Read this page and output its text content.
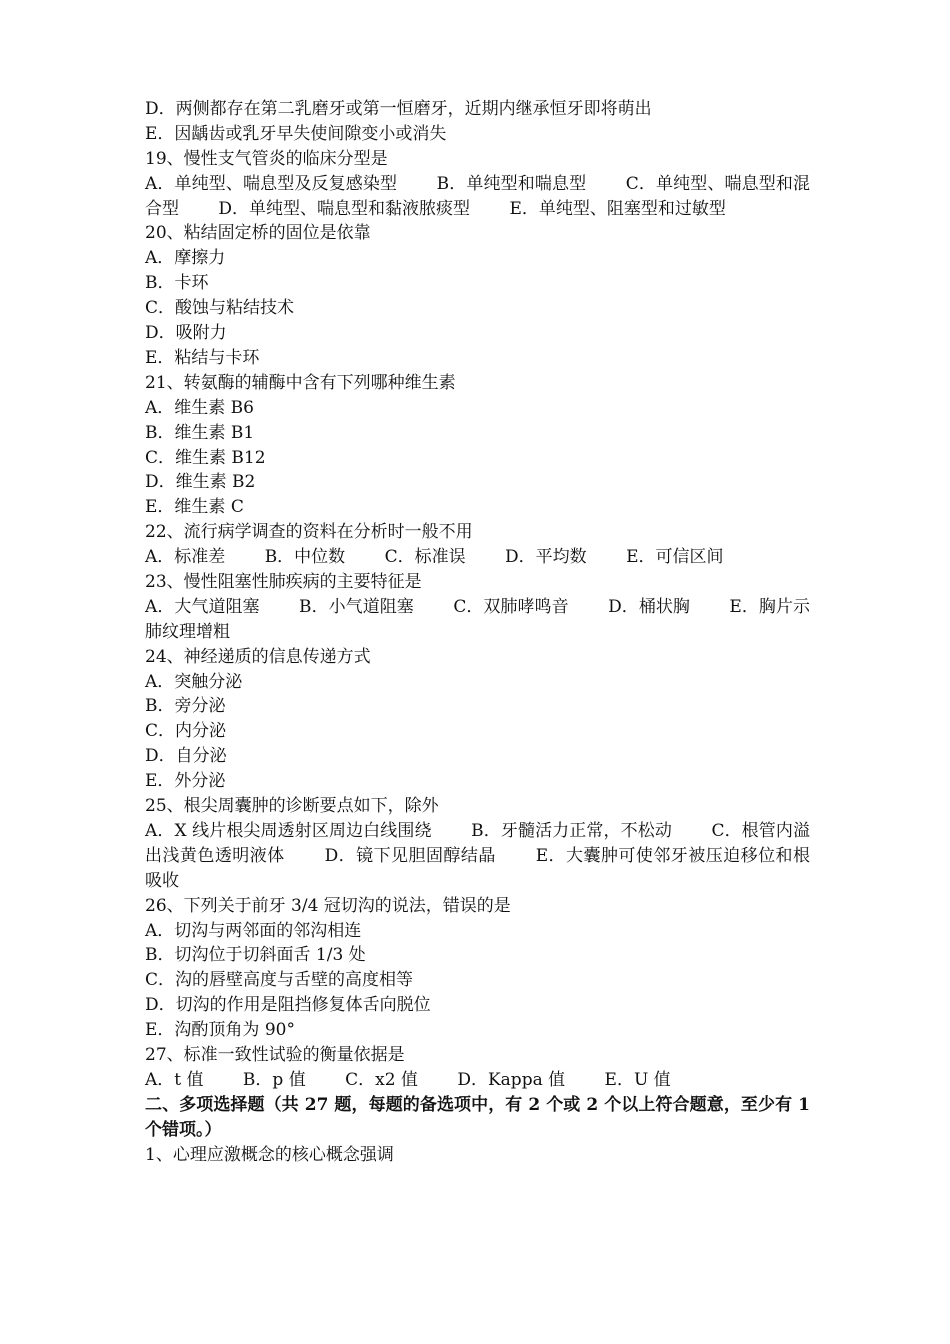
D．两侧都存在第二乳磨牙或第一恒磨牙，近期内继承恒牙即将萌出
E．因龋齿或乳牙早失使间隙变小或消失
19、慢性支气管炎的临床分型是
A．单纯型、喘息型及反复感染型 B．单纯型和喘息型 C．单纯型、喘息型和混合型 D．单纯型、喘息型和黏液脓痰型 E．单纯型、阻塞型和过敏型
20、粘结固定桥的固位是依靠
A．摩擦力
B．卡环
C．酸蚀与粘结技术
D．吸附力
E．粘结与卡环
21、转氨酶的辅酶中含有下列哪种维生素
A．维生素 B6
B．维生素 B1
C．维生素 B12
D．维生素 B2
E．维生素 C
22、流行病学调查的资料在分析时一般不用
A．标准差 B．中位数 C．标准误 D．平均数 E．可信区间
23、慢性阻塞性肺疾病的主要特征是
A．大气道阻塞 B．小气道阻塞 C．双肺哮鸣音 D．桶状胸 E．胸片示肺纹理增粗
24、神经递质的信息传递方式
A．突触分泌
B．旁分泌
C．内分泌
D．自分泌
E．外分泌
25、根尖周囊肿的诊断要点如下，除外
A．X 线片根尖周透射区周边白线围绕 B．牙髓活力正常，不松动 C．根管内溢出浅黄色透明液体 D．镜下见胆固醇结晶 E．大囊肿可使邻牙被压迫移位和根吸收
26、下列关于前牙 3/4 冠切沟的说法，错误的是
A．切沟与两邻面的邻沟相连
B．切沟位于切斜面舌 1/3 处
C．沟的唇壁高度与舌壁的高度相等
D．切沟的作用是阻挡修复体舌向脱位
E．沟酌顶角为 90°
27、标准一致性试验的衡量依据是
A．t 值 B．p 值 C．x2 值 D．Kappa 值 E．U 值
二、多项选择题（共 27 题，每题的备选项中，有 2 个或 2 个以上符合题意，至少有 1 个错项。）
1、心理应激概念的核心概念强调
